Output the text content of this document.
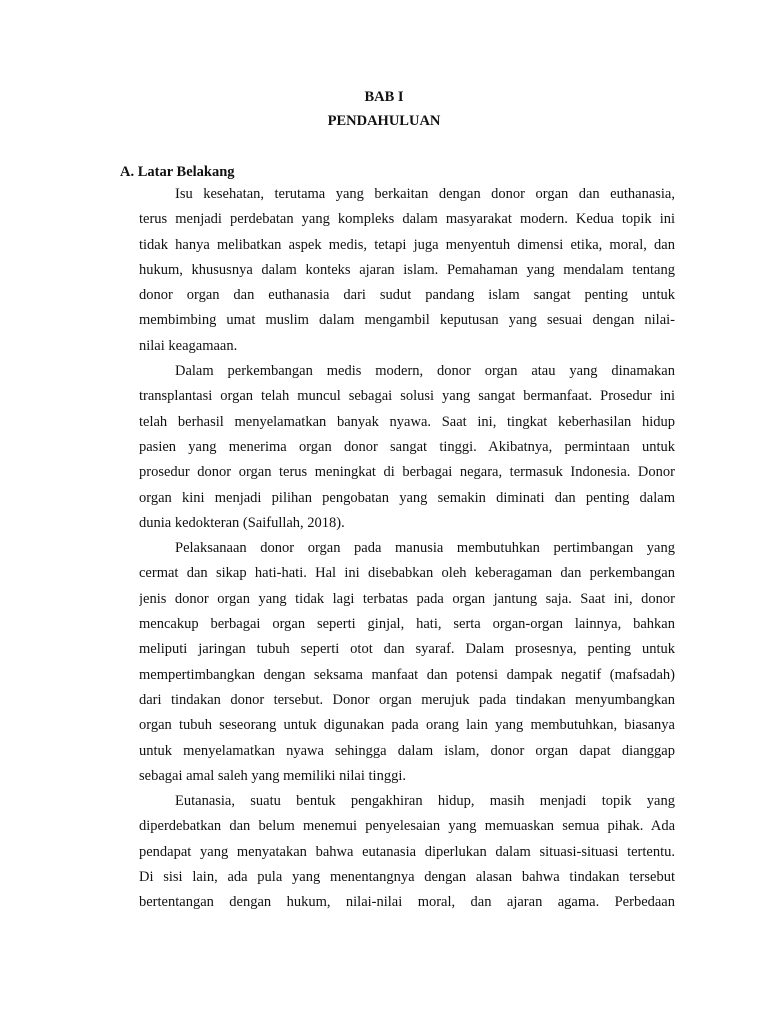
BAB I
PENDAHULUAN
A. Latar Belakang
Isu kesehatan, terutama yang berkaitan dengan donor organ dan euthanasia,
terus menjadi perdebatan yang kompleks dalam masyarakat modern. Kedua topik ini
tidak hanya melibatkan aspek medis, tetapi juga menyentuh dimensi etika, moral, dan
hukum, khususnya dalam konteks ajaran islam. Pemahaman yang mendalam tentang
donor organ dan euthanasia dari sudut pandang islam sangat penting untuk
membimbing umat muslim dalam mengambil keputusan yang sesuai dengan nilai-
nilai keagamaan.
Dalam perkembangan medis modern, donor organ atau yang dinamakan
transplantasi organ telah muncul sebagai solusi yang sangat bermanfaat. Prosedur ini
telah berhasil menyelamatkan banyak nyawa. Saat ini, tingkat keberhasilan hidup
pasien yang menerima organ donor sangat tinggi. Akibatnya, permintaan untuk
prosedur donor organ terus meningkat di berbagai negara, termasuk Indonesia. Donor
organ kini menjadi pilihan pengobatan yang semakin diminati dan penting dalam
dunia kedokteran (Saifullah, 2018).
Pelaksanaan donor organ pada manusia membutuhkan pertimbangan yang
cermat dan sikap hati-hati. Hal ini disebabkan oleh keberagaman dan perkembangan
jenis donor organ yang tidak lagi terbatas pada organ jantung saja. Saat ini, donor
mencakup berbagai organ seperti ginjal, hati, serta organ-organ lainnya, bahkan
meliputi jaringan tubuh seperti otot dan syaraf. Dalam prosesnya, penting untuk
mempertimbangkan dengan seksama manfaat dan potensi dampak negatif (mafsadah)
dari tindakan donor tersebut. Donor organ merujuk pada tindakan menyumbangkan
organ tubuh seseorang untuk digunakan pada orang lain yang membutuhkan, biasanya
untuk menyelamatkan nyawa sehingga dalam islam, donor organ dapat dianggap
sebagai amal saleh yang memiliki nilai tinggi.
Eutanasia, suatu bentuk pengakhiran hidup, masih menjadi topik yang
diperdebatkan dan belum menemui penyelesaian yang memuaskan semua pihak. Ada
pendapat yang menyatakan bahwa eutanasia diperlukan dalam situasi-situasi tertentu.
Di sisi lain, ada pula yang menentangnya dengan alasan bahwa tindakan tersebut
bertentangan dengan hukum, nilai-nilai moral, dan ajaran agama. Perbedaan
